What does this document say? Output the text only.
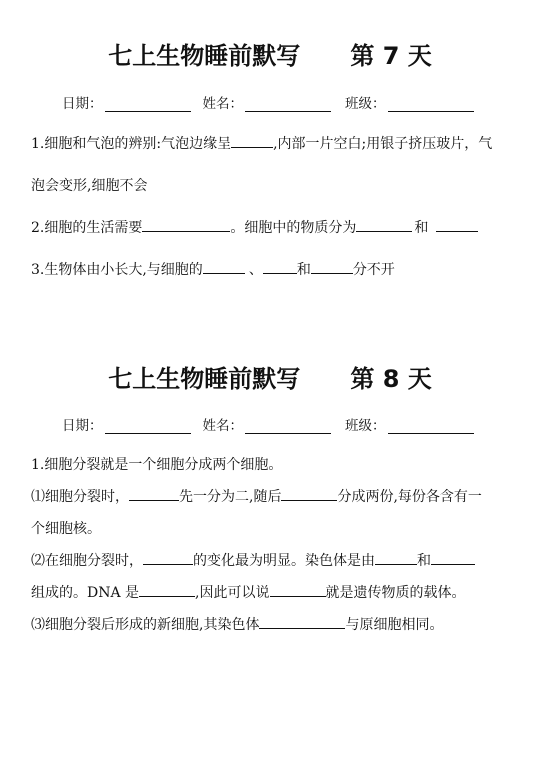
七上生物睡前默写      第 7 天
日期：	姓名：	班级：
1.细胞和气泡的辨别:气泡边缘呈	,内部一片空白;用银子挤压玻片，气
泡会变形,细胞不会
2.细胞的生活需要	。细胞中的物质分为	和
3.生物体由小长大,与细胞的	、 和	分不开
七上生物睡前默写      第 8 天
日期：	姓名：	班级：
1.细胞分裂就是一个细胞分成两个细胞。
⑴细胞分裂时，	先一分为二,随后	分成两份,每份各含有一
个细胞核。
⑵在细胞分裂时，	的变化最为明显。染色体是由	和
组成的。DNA 是	,因此可以说	就是遗传物质的载体。
⑶细胞分裂后形成的新细胞,其染色体	与原细胞相同。
